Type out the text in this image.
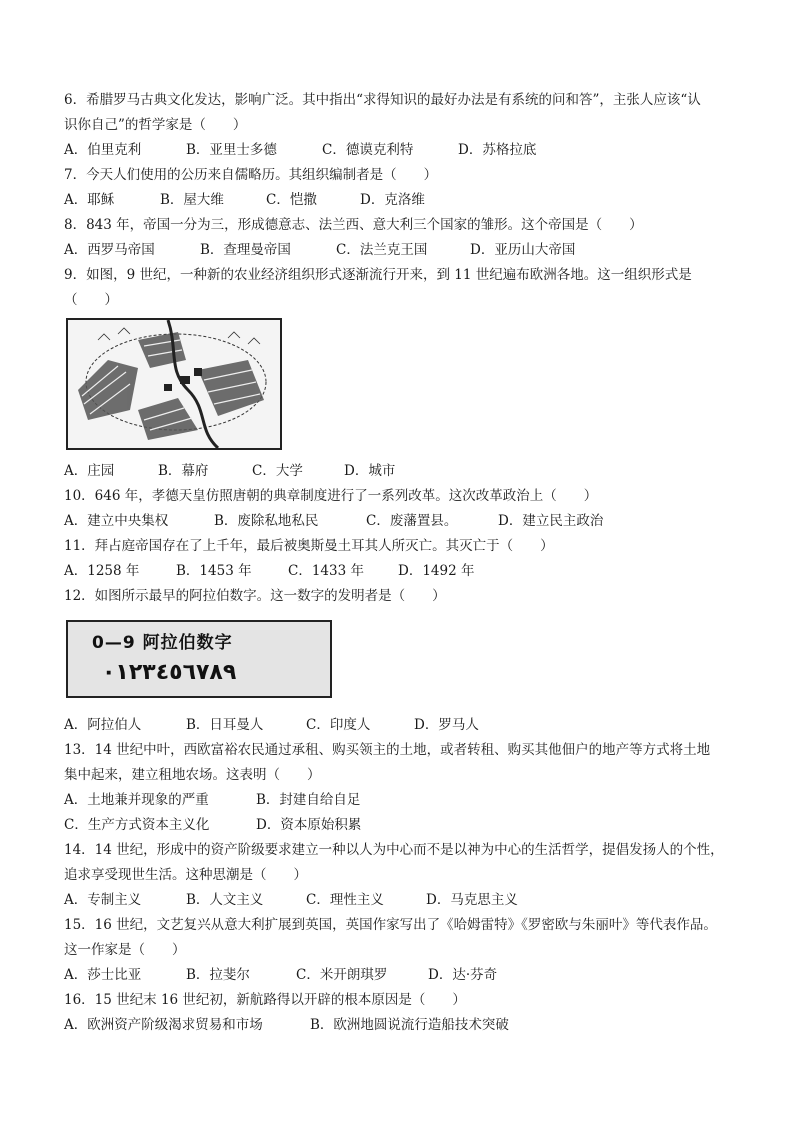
6．希腊罗马古典文化发达，影响广泛。其中指出“求得知识的最好办法是有系统的问和答”，主张人应该“认
识你自己”的哲学家是（　　）
A．伯里克利	B．亚里士多德	C．德谟克利特	D．苏格拉底
7．今天人们使用的公历来自儒略历。其组织编制者是（　　）
A．耶稣	B．屋大维	C．恺撒	D．克洛维
8．843 年，帝国一分为三，形成德意志、法兰西、意大利三个国家的雏形。这个帝国是（　　）
A．西罗马帝国	B．查理曼帝国	C．法兰克王国	D．亚历山大帝国
9．如图，9 世纪，一种新的农业经济组织形式逐渐流行开来，到 11 世纪遍布欧洲各地。这一组织形式是
（　　）
A．庄园	B．幕府	C．大学	D．城市
10．646 年，孝德天皇仿照唐朝的典章制度进行了一系列改革。这次改革政治上（　　）
A．建立中央集权	B．废除私地私民	C．废藩置县。	D．建立民主政治
11．拜占庭帝国存在了上千年，最后被奥斯曼土耳其人所灭亡。其灭亡于（　　）
A．1258 年	B．1453 年	C．1433 年	D．1492 年
12．如图所示最早的阿拉伯数字。这一数字的发明者是（　　）
0—9 阿拉伯数字
٠١٢٣٤٥٦٧٨٩
A．阿拉伯人	B．日耳曼人	C．印度人	D．罗马人
13．14 世纪中叶，西欧富裕农民通过承租、购买领主的土地，或者转租、购买其他佃户的地产等方式将土地
集中起来，建立租地农场。这表明（　　）
A．土地兼并现象的严重	B．封建自给自足
C．生产方式资本主义化	D．资本原始积累
14．14 世纪，形成中的资产阶级要求建立一种以人为中心而不是以神为中心的生活哲学，提倡发扬人的个性，
追求享受现世生活。这种思潮是（　　）
A．专制主义	B．人文主义	C．理性主义	D．马克思主义
15．16 世纪，文艺复兴从意大利扩展到英国，英国作家写出了《哈姆雷特》《罗密欧与朱丽叶》等代表作品。
这一作家是（　　）
A．莎士比亚	B．拉斐尔	C．米开朗琪罗	D．达·芬奇
16．15 世纪末 16 世纪初，新航路得以开辟的根本原因是（　　）
A．欧洲资产阶级渴求贸易和市场	B．欧洲地圆说流行造船技术突破
